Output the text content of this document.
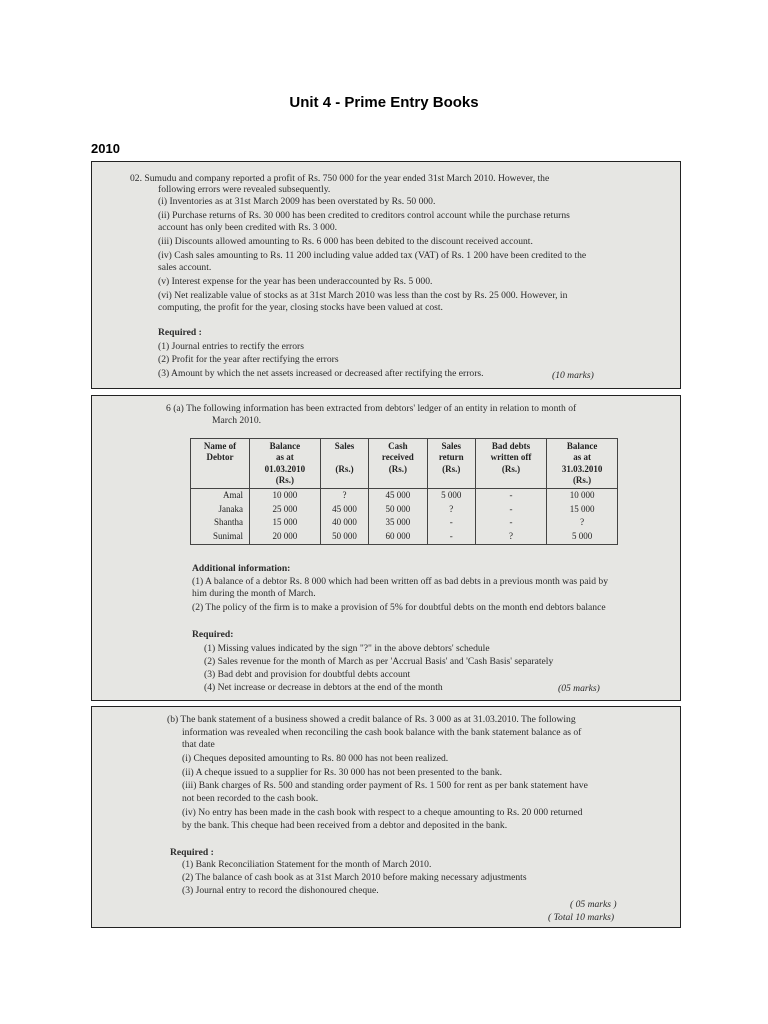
Unit 4 - Prime Entry Books
2010

02. Sumudu and company reported a profit of Rs. 750 000 for the year ended 31st March 2010. However, the

following errors were revealed subsequently.

(i) Inventories as at 31st March 2009 has been overstated by Rs. 50 000.

(ii) Purchase returns of Rs. 30 000 has been credited to creditors control account while the purchase returns

account has only been credited with Rs. 3 000.

(iii) Discounts allowed amounting to Rs. 6 000 has been debited to the discount received account.

(iv) Cash sales amounting to Rs. 11 200 including value added tax (VAT) of Rs. 1 200 have been credited to the

sales account.

(v) Interest expense for the year has been underaccounted by Rs. 5 000.

(vi) Net realizable value of stocks as at 31st March 2010 was less than the cost by Rs. 25 000. However, in

computing, the profit for the year, closing stocks have been valued at cost.

Required :

(1) Journal entries to rectify the errors

(2) Profit for the year after rectifying the errors

(3) Amount by which the net assets increased or decreased after rectifying the errors.	(10 marks)

6 (a) The following information has been extracted from debtors' ledger of an entity in relation to month of

March 2010.

Name of
Debtor	Balance
as at
01.03.2010
(Rs.)	Sales

(Rs.)	Cash
received
(Rs.)	Sales
return
(Rs.)	Bad debts
written off
(Rs.)	Balance
as at
31.03.2010
(Rs.)
Amal	10 000	?	45 000	5 000	-	10 000
Janaka	25 000	45 000	50 000	?	-	15 000
Shantha	15 000	40 000	35 000	-	-	?
Sunimal	20 000	50 000	60 000	-	?	5 000

Additional information:

(1) A balance of a debtor Rs. 8 000 which had been written off as bad debts in a previous month was paid by

him during the month of March.

(2) The policy of the firm is to make a provision of 5% for doubtful debts on the month end debtors balance

Required:

(1) Missing values indicated by the sign "?" in the above debtors' schedule

(2) Sales revenue for the month of March as per 'Accrual Basis' and 'Cash Basis' separately

(3) Bad debt and provision for doubtful debts account

(4) Net increase or decrease in debtors at the end of the month	(05 marks)

(b) The bank statement of a business showed a credit balance of Rs. 3 000 as at 31.03.2010. The following

information was revealed when reconciling the cash book balance with the bank statement balance as of

that date

(i) Cheques deposited amounting to Rs. 80 000 has not been realized.

(ii) A cheque issued to a supplier for Rs. 30 000 has not been presented to the bank.

(iii) Bank charges of Rs. 500 and standing order payment of Rs. 1 500 for rent as per bank statement have

not been recorded to the cash book.

(iv) No entry has been made in the cash book with respect to a cheque amounting to Rs. 20 000 returned

by the bank. This cheque had been received from a debtor and deposited in the bank.

Required :

(1) Bank Reconciliation Statement for the month of March 2010.

(2) The balance of cash book as at 31st March 2010 before making necessary adjustments

(3) Journal entry to record the dishonoured cheque.

( 05 marks )

( Total 10 marks)
